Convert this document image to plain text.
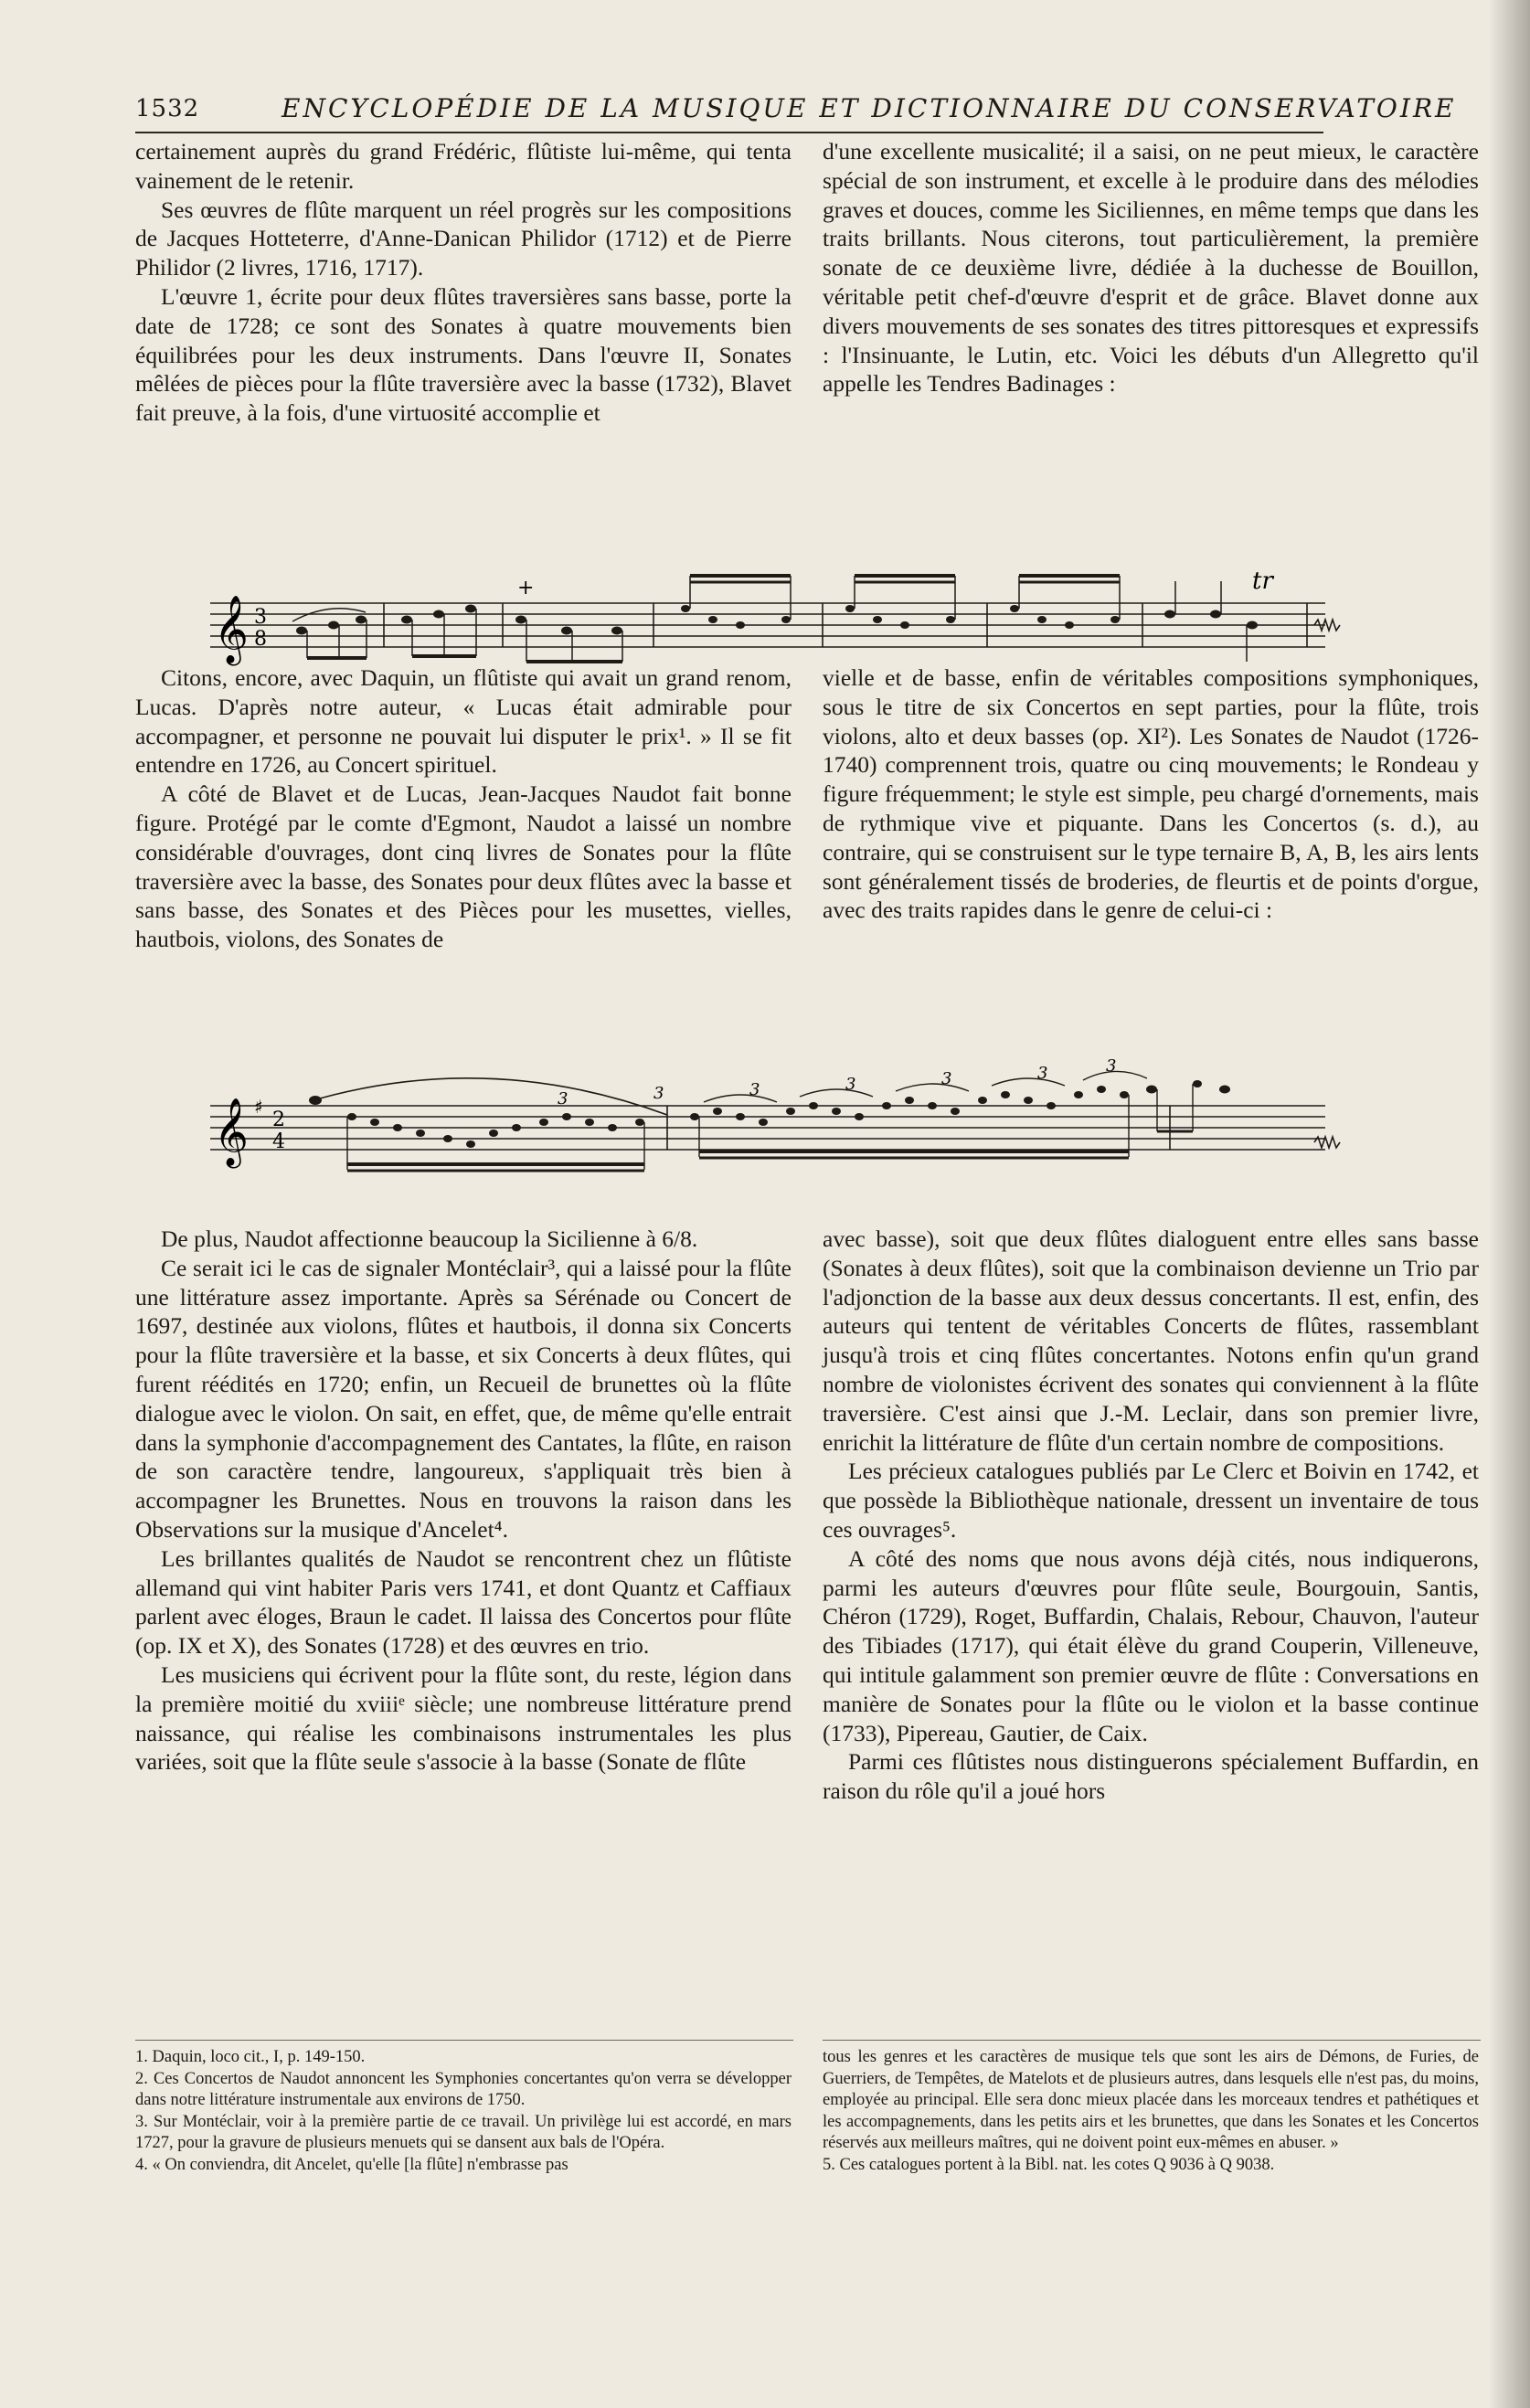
1532	ENCYCLOPÉDIE DE LA MUSIQUE ET DICTIONNAIRE DU CONSERVATOIRE

certainement auprès du grand Frédéric, flûtiste lui-même, qui tenta vainement de le retenir.

Ses œuvres de flûte marquent un réel progrès sur les compositions de Jacques Hotteterre, d'Anne-Danican Philidor (1712) et de Pierre Philidor (2 livres, 1716, 1717).

L'œuvre 1, écrite pour deux flûtes traversières sans basse, porte la date de 1728; ce sont des Sonates à quatre mouvements bien équilibrées pour les deux instruments. Dans l'œuvre II, Sonates mêlées de pièces pour la flûte traversière avec la basse (1732), Blavet fait preuve, à la fois, d'une virtuosité accomplie et

d'une excellente musicalité; il a saisi, on ne peut mieux, le caractère spécial de son instrument, et excelle à le produire dans des mélodies graves et douces, comme les Siciliennes, en même temps que dans les traits brillants. Nous citerons, tout particulièrement, la première sonate de ce deuxième livre, dédiée à la duchesse de Bouillon, véritable petit chef-d'œuvre d'esprit et de grâce. Blavet donne aux divers mouvements de ses sonates des titres pittoresques et expressifs : l'Insinuante, le Lutin, etc. Voici les débuts d'un Allegretto qu'il appelle les Tendres Badinages :

𝄞 3
8
+	tr

Citons, encore, avec Daquin, un flûtiste qui avait un grand renom, Lucas. D'après notre auteur, « Lucas était admirable pour accompagner, et personne ne pouvait lui disputer le prix¹. » Il se fit entendre en 1726, au Concert spirituel.

A côté de Blavet et de Lucas, Jean-Jacques Naudot fait bonne figure. Protégé par le comte d'Egmont, Naudot a laissé un nombre considérable d'ouvrages, dont cinq livres de Sonates pour la flûte traversière avec la basse, des Sonates pour deux flûtes avec la basse et sans basse, des Sonates et des Pièces pour les musettes, vielles, hautbois, violons, des Sonates de

vielle et de basse, enfin de véritables compositions symphoniques, sous le titre de six Concertos en sept parties, pour la flûte, trois violons, alto et deux basses (op. XI²). Les Sonates de Naudot (1726-1740) comprennent trois, quatre ou cinq mouvements; le Rondeau y figure fréquemment; le style est simple, peu chargé d'ornements, mais de rythmique vive et piquante. Dans les Concertos (s. d.), au contraire, qui se construisent sur le type ternaire B, A, B, les airs lents sont généralement tissés de broderies, de fleurtis et de points d'orgue, avec des traits rapides dans le genre de celui-ci :

𝄞 ♯
2
4
3	3	3	3	3	3	3

De plus, Naudot affectionne beaucoup la Sicilienne à 6/8.

Ce serait ici le cas de signaler Montéclair³, qui a laissé pour la flûte une littérature assez importante. Après sa Sérénade ou Concert de 1697, destinée aux violons, flûtes et hautbois, il donna six Concerts pour la flûte traversière et la basse, et six Concerts à deux flûtes, qui furent réédités en 1720; enfin, un Recueil de brunettes où la flûte dialogue avec le violon. On sait, en effet, que, de même qu'elle entrait dans la symphonie d'accompagnement des Cantates, la flûte, en raison de son caractère tendre, langoureux, s'appliquait très bien à accompagner les Brunettes. Nous en trouvons la raison dans les Observations sur la musique d'Ancelet⁴.

Les brillantes qualités de Naudot se rencontrent chez un flûtiste allemand qui vint habiter Paris vers 1741, et dont Quantz et Caffiaux parlent avec éloges, Braun le cadet. Il laissa des Concertos pour flûte (op. IX et X), des Sonates (1728) et des œuvres en trio.

Les musiciens qui écrivent pour la flûte sont, du reste, légion dans la première moitié du xviiiᵉ siècle; une nombreuse littérature prend naissance, qui réalise les combinaisons instrumentales les plus variées, soit que la flûte seule s'associe à la basse (Sonate de flûte

avec basse), soit que deux flûtes dialoguent entre elles sans basse (Sonates à deux flûtes), soit que la combinaison devienne un Trio par l'adjonction de la basse aux deux dessus concertants. Il est, enfin, des auteurs qui tentent de véritables Concerts de flûtes, rassemblant jusqu'à trois et cinq flûtes concertantes. Notons enfin qu'un grand nombre de violonistes écrivent des sonates qui conviennent à la flûte traversière. C'est ainsi que J.-M. Leclair, dans son premier livre, enrichit la littérature de flûte d'un certain nombre de compositions.

Les précieux catalogues publiés par Le Clerc et Boivin en 1742, et que possède la Bibliothèque nationale, dressent un inventaire de tous ces ouvrages⁵.

A côté des noms que nous avons déjà cités, nous indiquerons, parmi les auteurs d'œuvres pour flûte seule, Bourgouin, Santis, Chéron (1729), Roget, Buffardin, Chalais, Rebour, Chauvon, l'auteur des Tibiades (1717), qui était élève du grand Couperin, Villeneuve, qui intitule galamment son premier œuvre de flûte : Conversations en manière de Sonates pour la flûte ou le violon et la basse continue (1733), Pipereau, Gautier, de Caix.

Parmi ces flûtistes nous distinguerons spécialement Buffardin, en raison du rôle qu'il a joué hors

1. Daquin, loco cit., I, p. 149-150.

2. Ces Concertos de Naudot annoncent les Symphonies concertantes qu'on verra se développer dans notre littérature instrumentale aux environs de 1750.

3. Sur Montéclair, voir à la première partie de ce travail. Un privilège lui est accordé, en mars 1727, pour la gravure de plusieurs menuets qui se dansent aux bals de l'Opéra.

4. « On conviendra, dit Ancelet, qu'elle [la flûte] n'embrasse pas

tous les genres et les caractères de musique tels que sont les airs de Démons, de Furies, de Guerriers, de Tempêtes, de Matelots et de plusieurs autres, dans lesquels elle n'est pas, du moins, employée au principal. Elle sera donc mieux placée dans les morceaux tendres et pathétiques et les accompagnements, dans les petits airs et les brunettes, que dans les Sonates et les Concertos réservés aux meilleurs maîtres, qui ne doivent point eux-mêmes en abuser. »

5. Ces catalogues portent à la Bibl. nat. les cotes Q 9036 à Q 9038.
